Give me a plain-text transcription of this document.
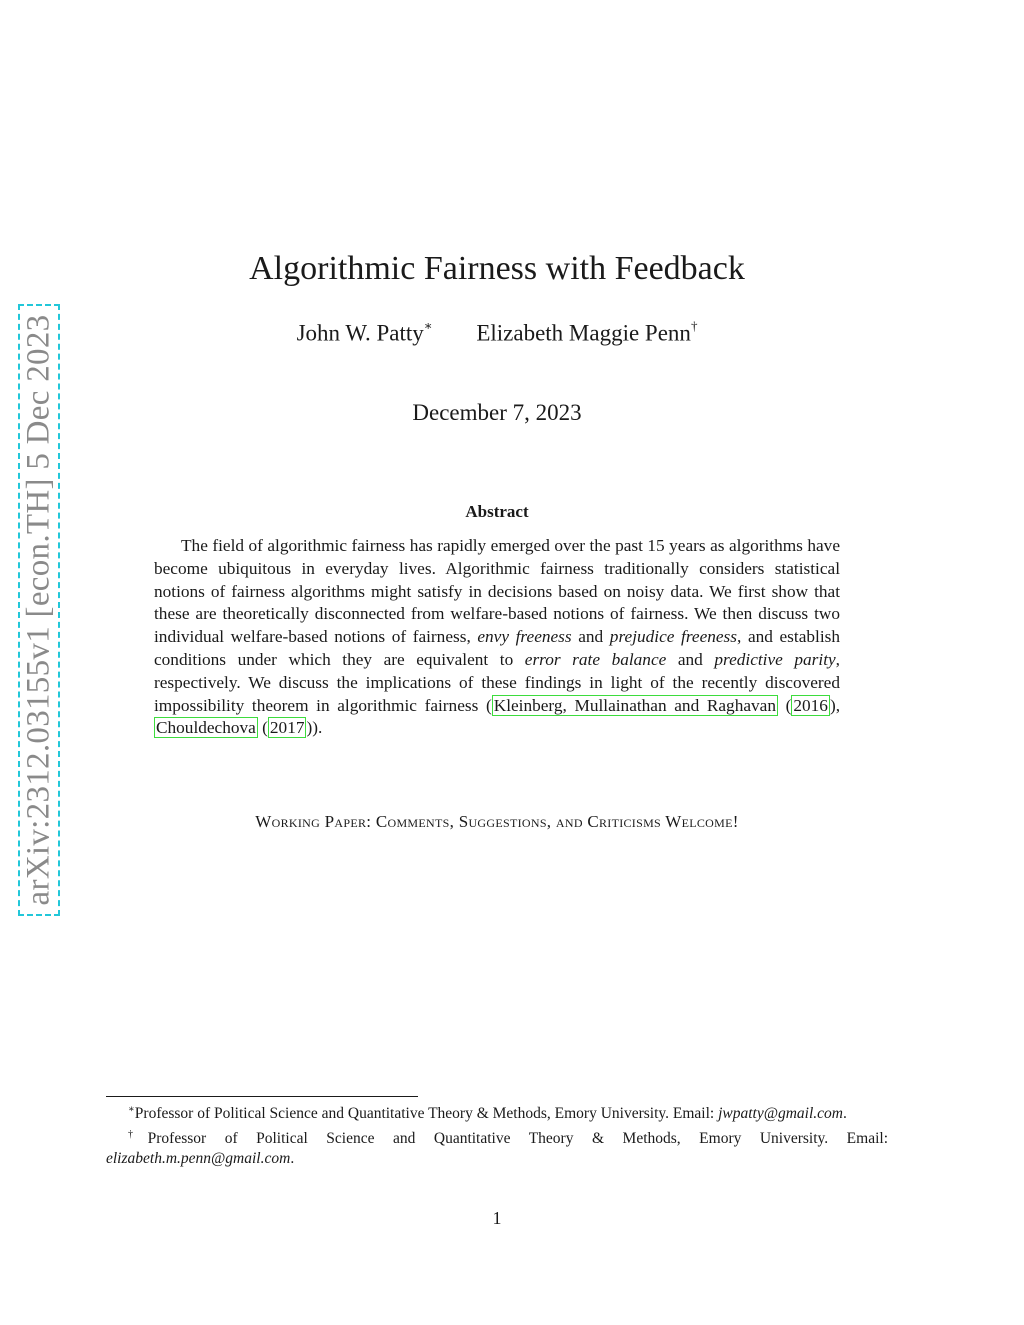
arXiv:2312.03155v1 [econ.TH] 5 Dec 2023
Algorithmic Fairness with Feedback
John W. Patty∗ Elizabeth Maggie Penn†
December 7, 2023
Abstract

The field of algorithmic fairness has rapidly emerged over the past 15 years as algorithms have become ubiquitous in everyday lives. Algorithmic fairness traditionally considers statistical notions of fairness algorithms might satisfy in decisions based on noisy data. We first show that these are theoretically disconnected from welfare-based notions of fairness. We then discuss two individual welfare-based notions of fairness, envy freeness and prejudice freeness, and establish conditions under which they are equivalent to error rate balance and predictive parity, respectively. We discuss the implications of these findings in light of the recently discovered impossibility theorem in algorithmic fairness ( Kleinberg, Mullainathan and Raghavan ( 2016 ), Chouldechova ( 2017 )).

Working Paper: Comments, Suggestions, and Criticisms Welcome!

∗Professor of Political Science and Quantitative Theory & Methods, Emory University. Email: jwpatty@gmail.com.

†Professor of Political Science and Quantitative Theory & Methods, Emory University. Email: elizabeth.m.penn@gmail.com.

1
